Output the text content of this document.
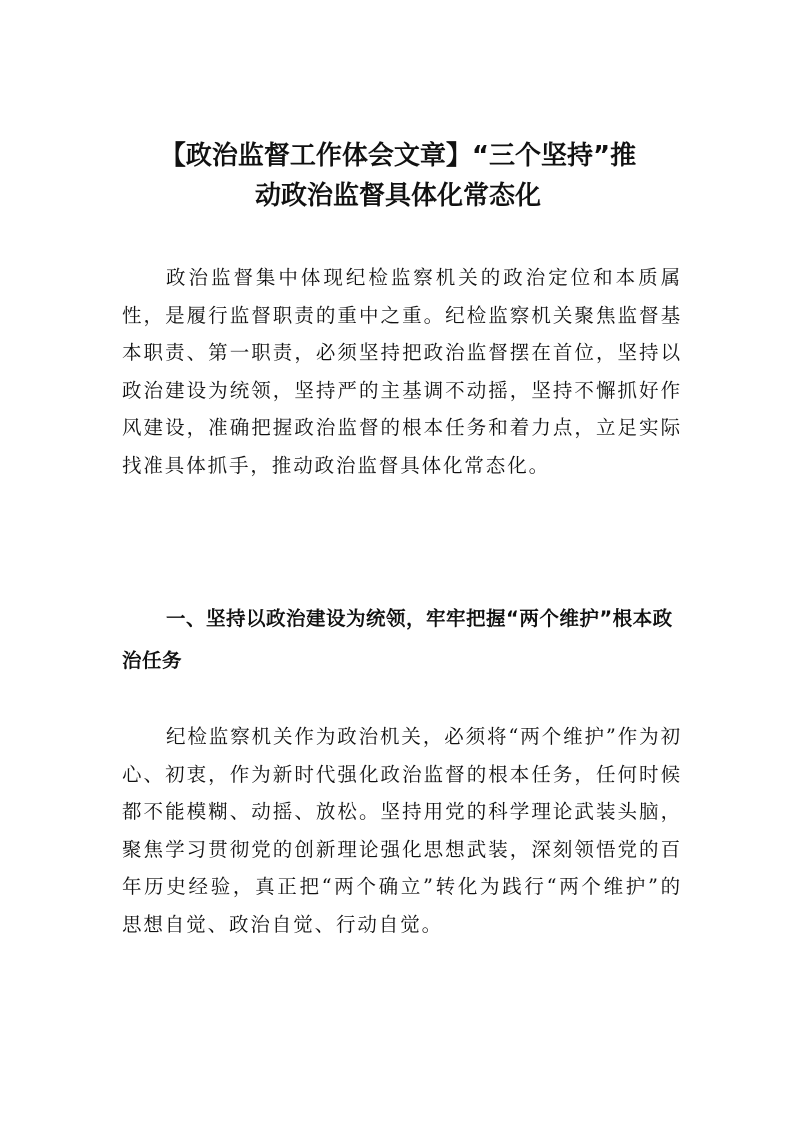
【政治监督工作体会文章】“三个坚持”推
动政治监督具体化常态化

政治监督集中体现纪检监察机关的政治定位和本质属性，是履行监督职责的重中之重。纪检监察机关聚焦监督基本职责、第一职责，必须坚持把政治监督摆在首位，坚持以政治建设为统领，坚持严的主基调不动摇，坚持不懈抓好作风建设，准确把握政治监督的根本任务和着力点，立足实际找准具体抓手，推动政治监督具体化常态化。

一、坚持以政治建设为统领，牢牢把握“两个维护”根本政治任务

纪检监察机关作为政治机关，必须将“两个维护”作为初心、初衷，作为新时代强化政治监督的根本任务，任何时候都不能模糊、动摇、放松。坚持用党的科学理论武装头脑，聚焦学习贯彻党的创新理论强化思想武装，深刻领悟党的百年历史经验，真正把“两个确立”转化为践行“两个维护”的思想自觉、政治自觉、行动自觉。
